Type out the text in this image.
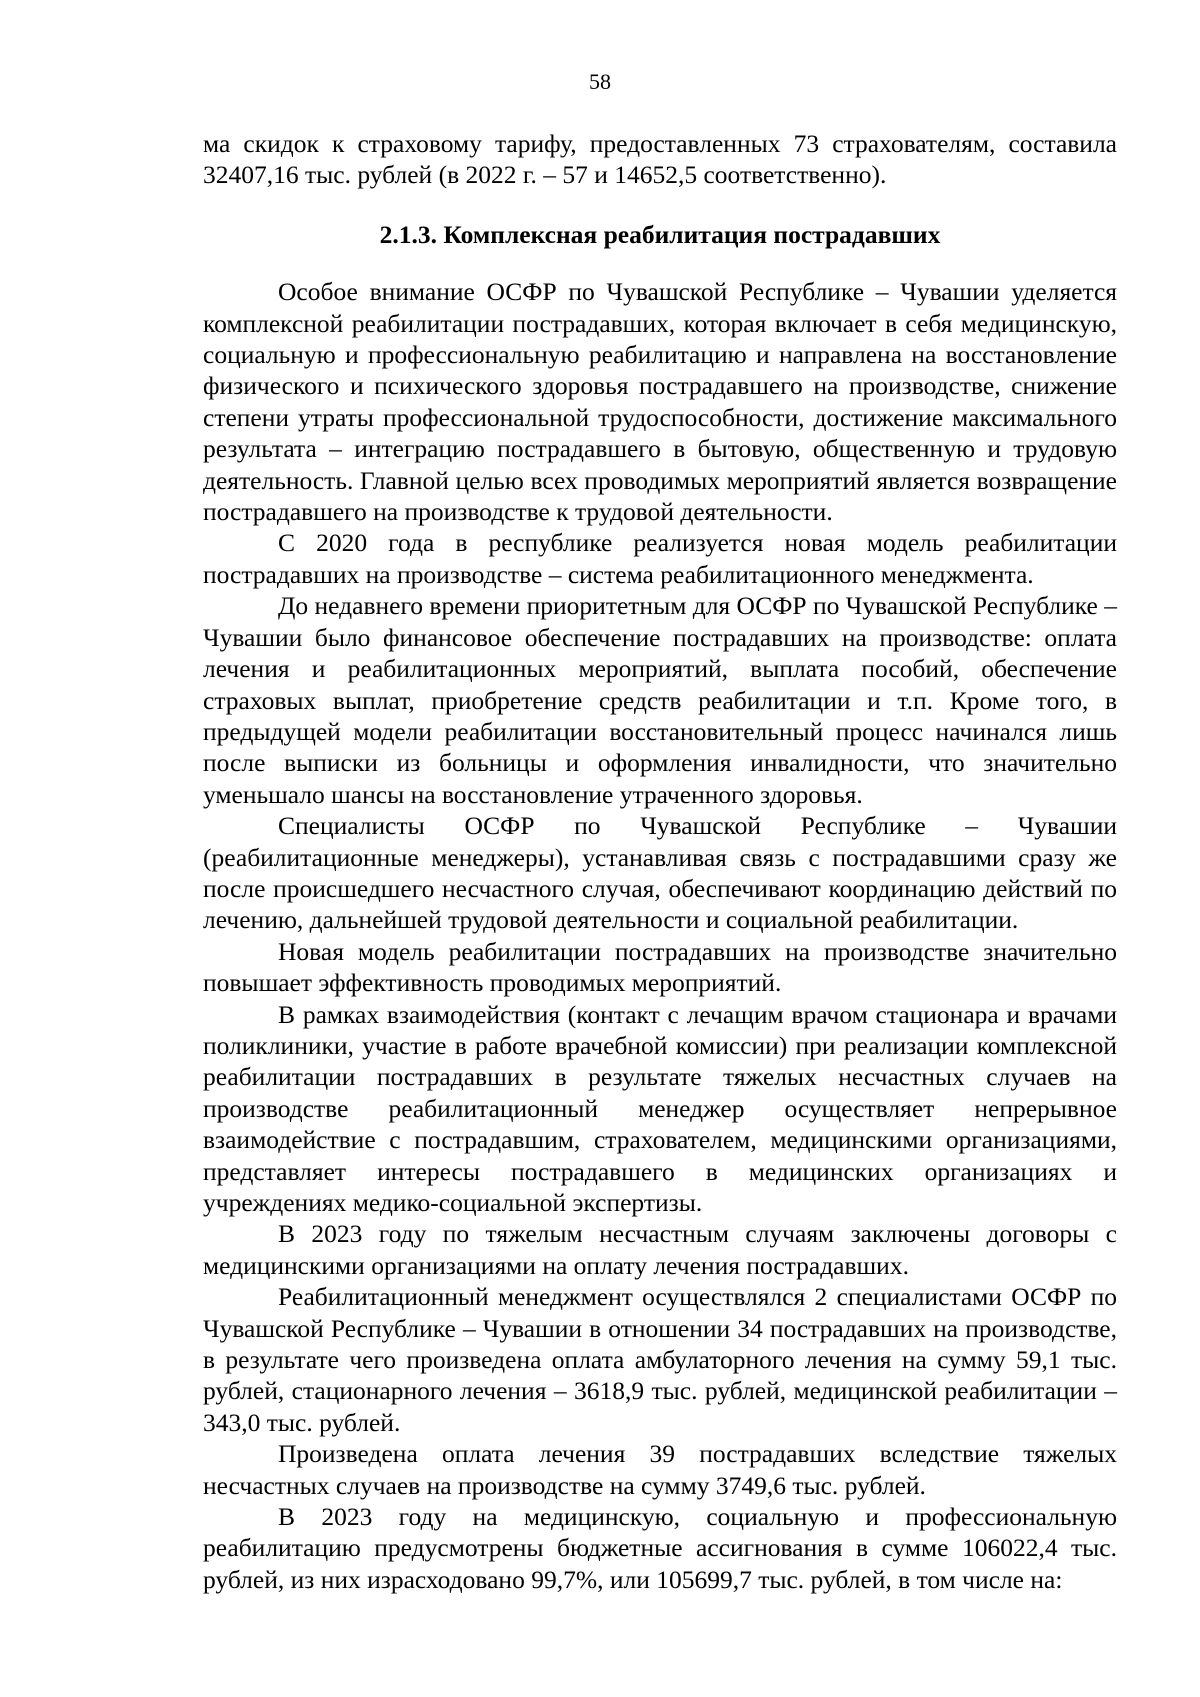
58

ма скидок к страховому тарифу, предоставленных 73 страхователям, составила 32407,16 тыс. рублей (в 2022 г. – 57 и 14652,5 соответственно).

2.1.3. Комплексная реабилитация пострадавших

Особое внимание ОСФР по Чувашской Республике – Чувашии уделяется комплексной реабилитации пострадавших, которая включает в себя медицинскую, социальную и профессиональную реабилитацию и направлена на восстановление физического и психического здоровья пострадавшего на производстве, снижение степени утраты профессиональной трудоспособности, достижение максимального результата – интеграцию пострадавшего в бытовую, общественную и трудовую деятельность. Главной целью всех проводимых мероприятий является возвращение пострадавшего на производстве к трудовой деятельности.

С 2020 года в республике реализуется новая модель реабилитации пострадавших на производстве – система реабилитационного менеджмента.

До недавнего времени приоритетным для ОСФР по Чувашской Республике – Чувашии было финансовое обеспечение пострадавших на производстве: оплата лечения и реабилитационных мероприятий, выплата пособий, обеспечение страховых выплат, приобретение средств реабилитации и т.п. Кроме того, в предыдущей модели реабилитации восстановительный процесс начинался лишь после выписки из больницы и оформления инвалидности, что значительно уменьшало шансы на восстановление утраченного здоровья.

Специалисты ОСФР по Чувашской Республике – Чувашии (реабилитационные менеджеры), устанавливая связь с пострадавшими сразу же после происшедшего несчастного случая, обеспечивают координацию действий по лечению, дальнейшей трудовой деятельности и социальной реабилитации.

Новая модель реабилитации пострадавших на производстве значительно повышает эффективность проводимых мероприятий.

В рамках взаимодействия (контакт с лечащим врачом стационара и врачами поликлиники, участие в работе врачебной комиссии) при реализации комплексной реабилитации пострадавших в результате тяжелых несчастных случаев на производстве реабилитационный менеджер осуществляет непрерывное взаимодействие с пострадавшим, страхователем, медицинскими организациями, представляет интересы пострадавшего в медицинских организациях и учреждениях медико-социальной экспертизы.

В 2023 году по тяжелым несчастным случаям заключены договоры с медицинскими организациями на оплату лечения пострадавших.

Реабилитационный менеджмент осуществлялся 2 специалистами ОСФР по Чувашской Республике – Чувашии в отношении 34 пострадавших на производстве, в результате чего произведена оплата амбулаторного лечения на сумму 59,1 тыс. рублей, стационарного лечения – 3618,9 тыс. рублей, медицинской реабилитации – 343,0 тыс. рублей.

Произведена оплата лечения 39 пострадавших вследствие тяжелых несчастных случаев на производстве на сумму 3749,6 тыс. рублей.

В 2023 году на медицинскую, социальную и профессиональную реабилитацию предусмотрены бюджетные ассигнования в сумме 106022,4 тыс. рублей, из них израсходовано 99,7%, или 105699,7 тыс. рублей, в том числе на:
